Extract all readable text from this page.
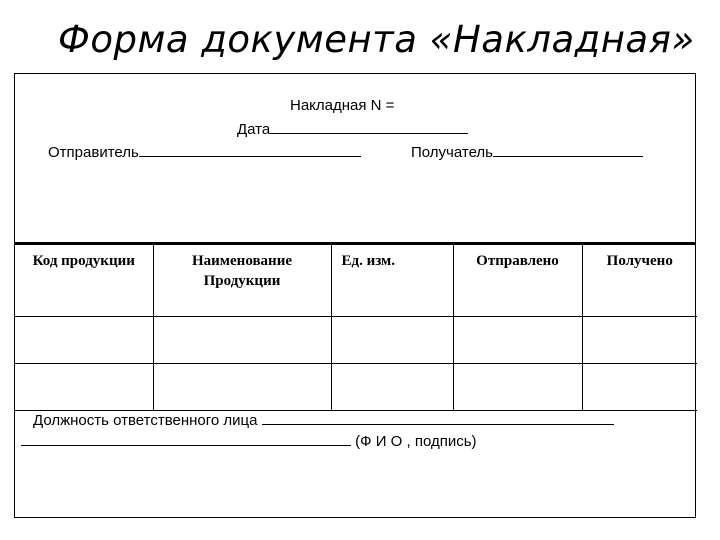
Форма документа «Накладная»
Накладная N =
Дата
Отправитель	Получатель
Код продукции	Наименование Продукции	Ед. изм.	Отправлено	Получено

Должность ответственного лица
(Ф И О , подпись)
